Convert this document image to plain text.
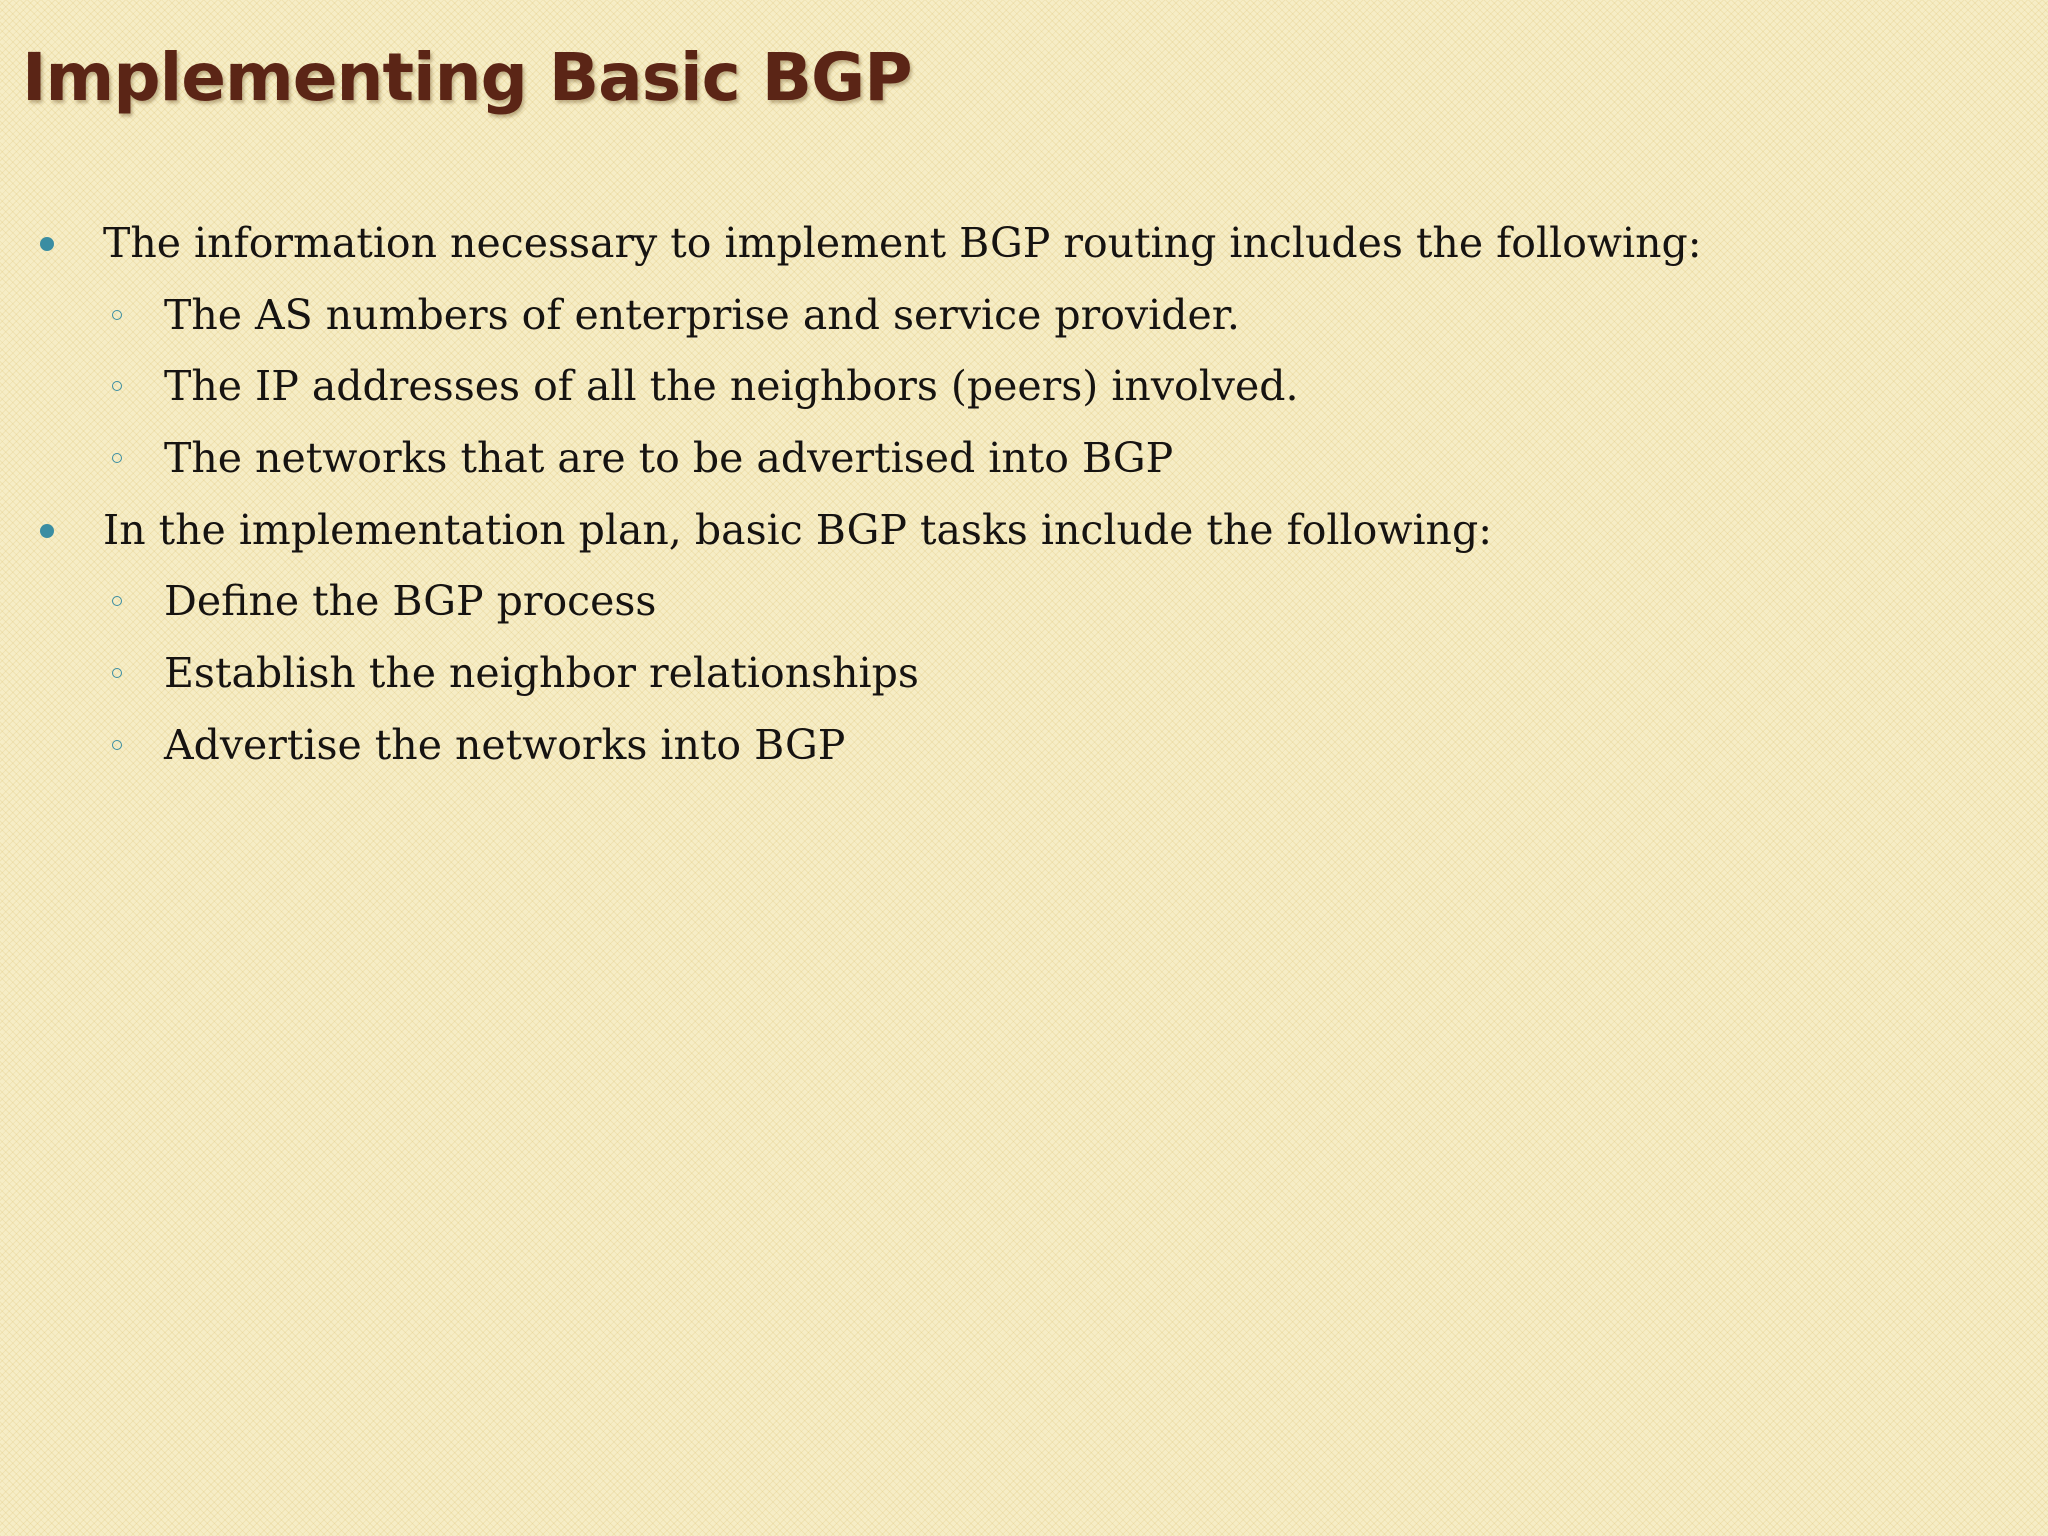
Implementing Basic BGP
The information necessary to implement BGP routing includes the following:
The AS numbers of enterprise and service provider.
The IP addresses of all the neighbors (peers) involved.
The networks that are to be advertised into BGP
In the implementation plan, basic BGP tasks include the following:
Define the BGP process
Establish the neighbor relationships
Advertise the networks into BGP
